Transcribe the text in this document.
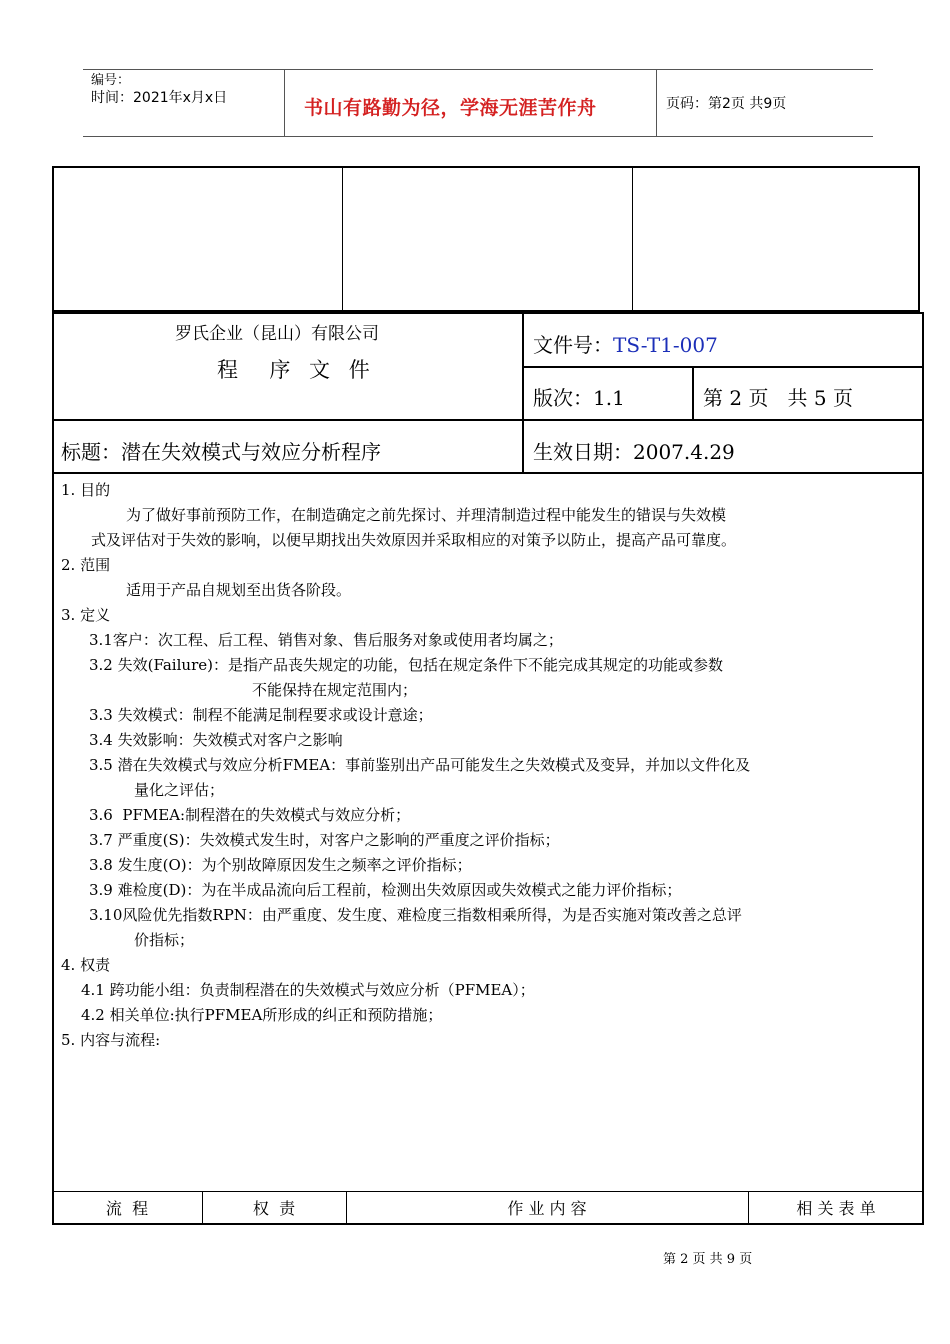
编号：
时间：2021年x月x日	书山有路勤为径，学海无涯苦作舟	页码：第2页 共9页
罗氏企业（昆山）有限公司
程  序 文 件
文件号：TS-T1-007
版次：1.1	第 2 页   共 5 页
标题：潜在失效模式与效应分析程序	生效日期：2007.4.29
1. 目的
为了做好事前预防工作，在制造确定之前先探讨、并理清制造过程中能发生的错误与失效模
式及评估对于失效的影响，以便早期找出失效原因并采取相应的对策予以防止，提高产品可靠度。
2. 范围
适用于产品自规划至出货各阶段。
3. 定义
3.1客户：次工程、后工程、销售对象、售后服务对象或使用者均属之；
3.2 失效(Failure)：是指产品丧失规定的功能，包括在规定条件下不能完成其规定的功能或参数
不能保持在规定范围内；
3.3 失效模式：制程不能满足制程要求或设计意途；
3.4 失效影响：失效模式对客户之影响
3.5 潜在失效模式与效应分析FMEA：事前鉴别出产品可能发生之失效模式及变异，并加以文件化及
量化之评估；
3.6  PFMEA:制程潜在的失效模式与效应分析；
3.7 严重度(S)：失效模式发生时，对客户之影响的严重度之评价指标；
3.8 发生度(O)：为个别故障原因发生之频率之评价指标；
3.9 难检度(D)：为在半成品流向后工程前，检测出失效原因或失效模式之能力评价指标；
3.10风险优先指数RPN：由严重度、发生度、难检度三指数相乘所得，为是否实施对策改善之总评
价指标；
4. 权责
4.1 跨功能小组：负责制程潜在的失效模式与效应分析（PFMEA）；
4.2 相关单位:执行PFMEA所形成的纠正和预防措施；
5. 内容与流程:
流  程	权  责	作 业 内 容	相 关 表 单
第 2 页 共 9 页
